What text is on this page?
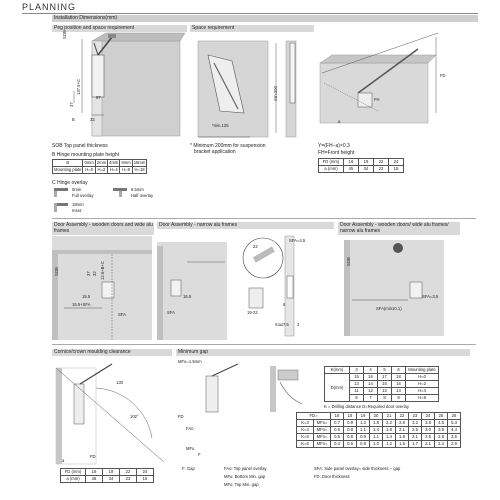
PLANNING
Installation Dimensions(mm)
Peg position and space requirement
SOB
137.5+C
37
32
B
97
Space requirement
min.200
*min.125
FD
FH
a
SOB Top panel thickness
B Hinge mounting plate height
B	0mm	2mm	4mm	9mm	18mm
Mounting plate	H=0	H=2	H=4	H=9	H=18
C Hinge overlay
0mm
Full overlay
9.5mm
Half overlay
18mm
Inset
* Minimum 200mm for suspension
bracket application
Y=(FH−a)×0.3
FH=Front height
FD (mm)	16	19	22	24
a (mm)	45	34	23	15
Door Assembly - wooden doors and wide alu frames
SOB	37 32 12.5+B+C
15.5
15.5+SFA
SFA
Door Assembly - narrow alu frames
SFA=4.5
15.5
SFA	19-22
22
6
max7.5 2
Door Assembly - wooden doors/ wide alu frames/ narrow alu frames
SOB
SFA=3.5
SFA(min10.1)
Cornice/crown moulding clearance
130
102°
FD
a
FD (mm)	16	19	22	24
a (mm)	45	34	23	15
Minimum gap
MFo=1.5mm
FD
FAo
MFu
F
K(mm)	3	4	5	6	Mounting plate
D(mm)	15	16	17	18	H=0
	13	14	15	16	H=2
	11	12	13	14	H=4
	6	7	8	9	H=9
K = Drilling distance D=Required door overlay
FD=		16	18	19	20	21	22	23	24	25	26
K=3	MFo=	0.7	0.9	1.2	1.8	2.2	2.6	3.2	3.8	4.5	5.3
K=4	MFo=	0.6	0.8	1.1	1.4	1.8	2.1	2.5	3.0	3.5	4.4
K=5	MFo=	0.5	0.8	0.9	1.1	1.4	1.8	2.1	2.5	2.9	3.5
K=6	MFo=	0.4	0.6	0.8	1.0	1.2	1.5	1.7	2.1	2.4	2.9
F: Gap	FAo: Top panel overlay
MFu: Bottom Min. gap
MFo: Top Min. gap
SFA: Side panel overlay= side thickness − gap
FD: Door thickness
